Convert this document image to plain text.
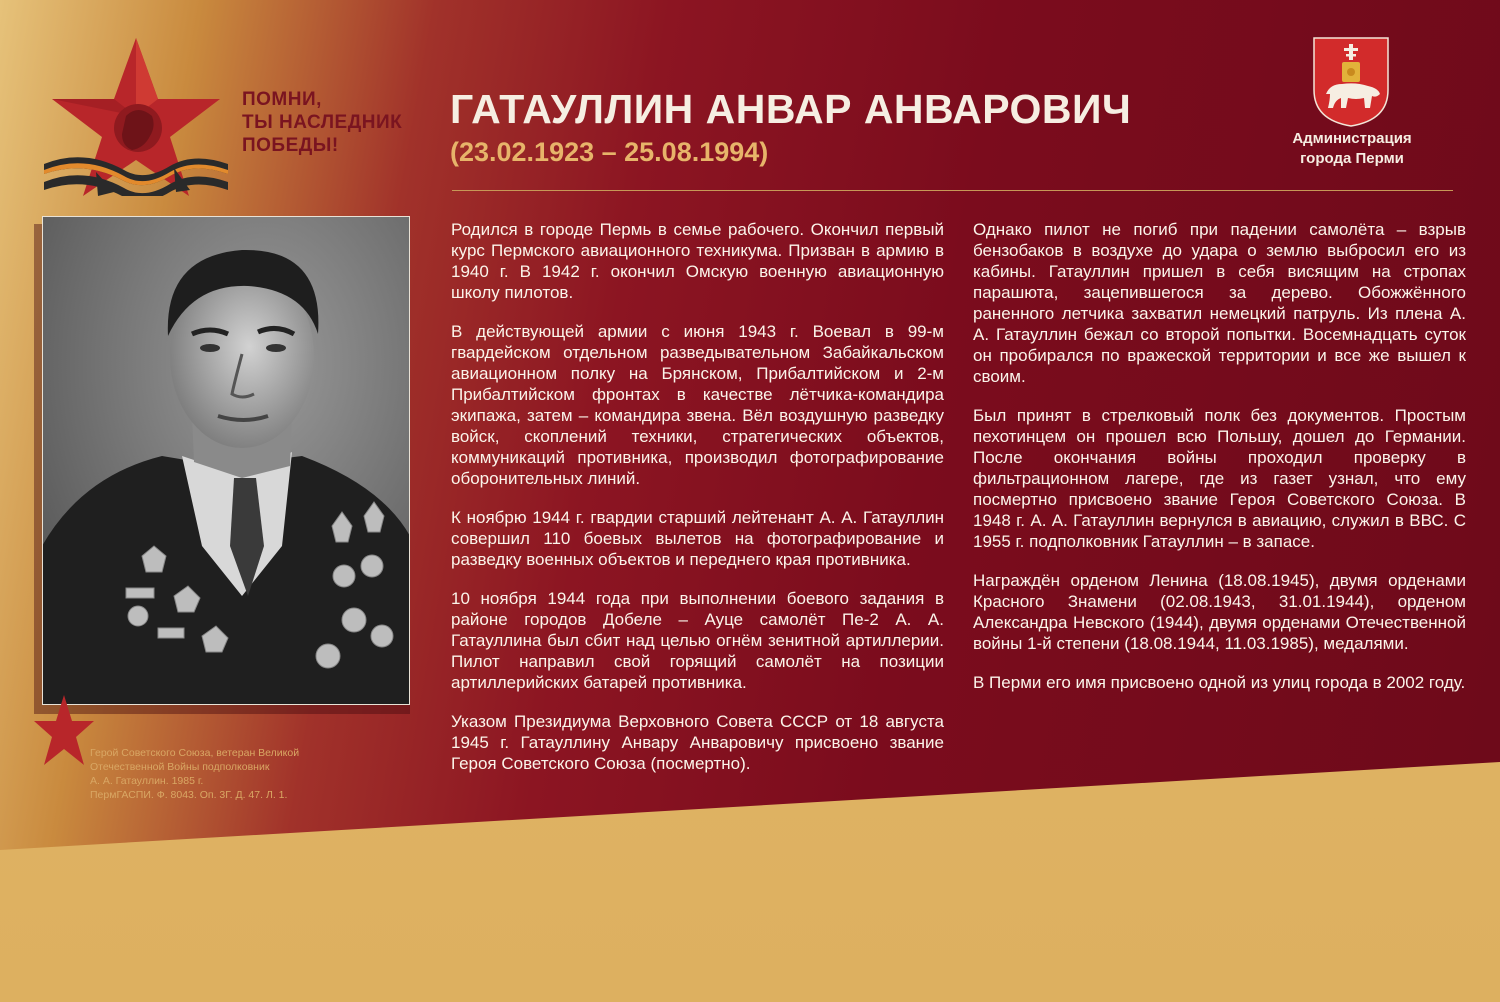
ПОМНИ,
ТЫ НАСЛЕДНИК
ПОБЕДЫ!
ГАТАУЛЛИН АНВАР АНВАРОВИЧ
(23.02.1923 – 25.08.1994)	Администрация
города Перми
Герой Советского Союза, ветеран Великой
Отечественной Войны подполковник
А. А. Гатауллин. 1985 г.
ПермГАСПИ. Ф. 8043. Оп. 3Г. Д. 47. Л. 1.

Родился в городе Пермь в семье рабочего. Окончил первый курс Пермского авиационного техникума. Призван в армию в 1940 г. В 1942 г. окончил Омскую военную авиационную школу пилотов.

В действующей армии с июня 1943 г. Воевал в 99-м гвардейском отдельном разведывательном Забайкальском авиационном полку на Брянском, Прибалтийском и 2-м Прибалтийском фронтах в качестве лётчика-командира экипажа, затем – командира звена. Вёл воздушную разведку войск, скоплений техники, стратегических объектов, коммуникаций противника, производил фотографирование оборонительных линий.

К ноябрю 1944 г. гвардии старший лейтенант А. А. Гатауллин совершил 110 боевых вылетов на фотографирование и разведку военных объектов и переднего края противника.

10 ноября 1944 года при выполнении боевого задания в районе городов Добеле – Ауце самолёт Пе-2 А. А. Гатауллина был сбит над целью огнём зенитной артиллерии. Пилот направил свой горящий самолёт на позиции артиллерийских батарей противника.

Указом Президиума Верховного Совета СССР от 18 августа 1945 г. Гатауллину Анвару Анваровичу присвоено звание Героя Советского Союза (посмертно).

Однако пилот не погиб при падении самолёта – взрыв бензобаков в воздухе до удара о землю выбросил его из кабины. Гатауллин пришел в себя висящим на стропах парашюта, зацепившегося за дерево. Обожжённого раненного летчика захватил немецкий патруль. Из плена А. А. Гатауллин бежал со второй попытки. Восемнадцать суток он пробирался по вражеской территории и все же вышел к своим.

Был принят в стрелковый полк без документов. Простым пехотинцем он прошел всю Польшу, дошел до Германии. После окончания войны проходил проверку в фильтрационном лагере, где из газет узнал, что ему посмертно присвоено звание Героя Советского Союза. В 1948 г. А. А. Гатауллин вернулся в авиацию, служил в ВВС. С 1955 г. подполковник Гатауллин – в запасе.

Награждён орденом Ленина (18.08.1945), двумя орденами Красного Знамени (02.08.1943, 31.01.1944), орденом Александра Невского (1944), двумя орденами Отечественной войны 1-й степени (18.08.1944, 11.03.1985), медалями.

В Перми его имя присвоено одной из улиц города в 2002 году.
